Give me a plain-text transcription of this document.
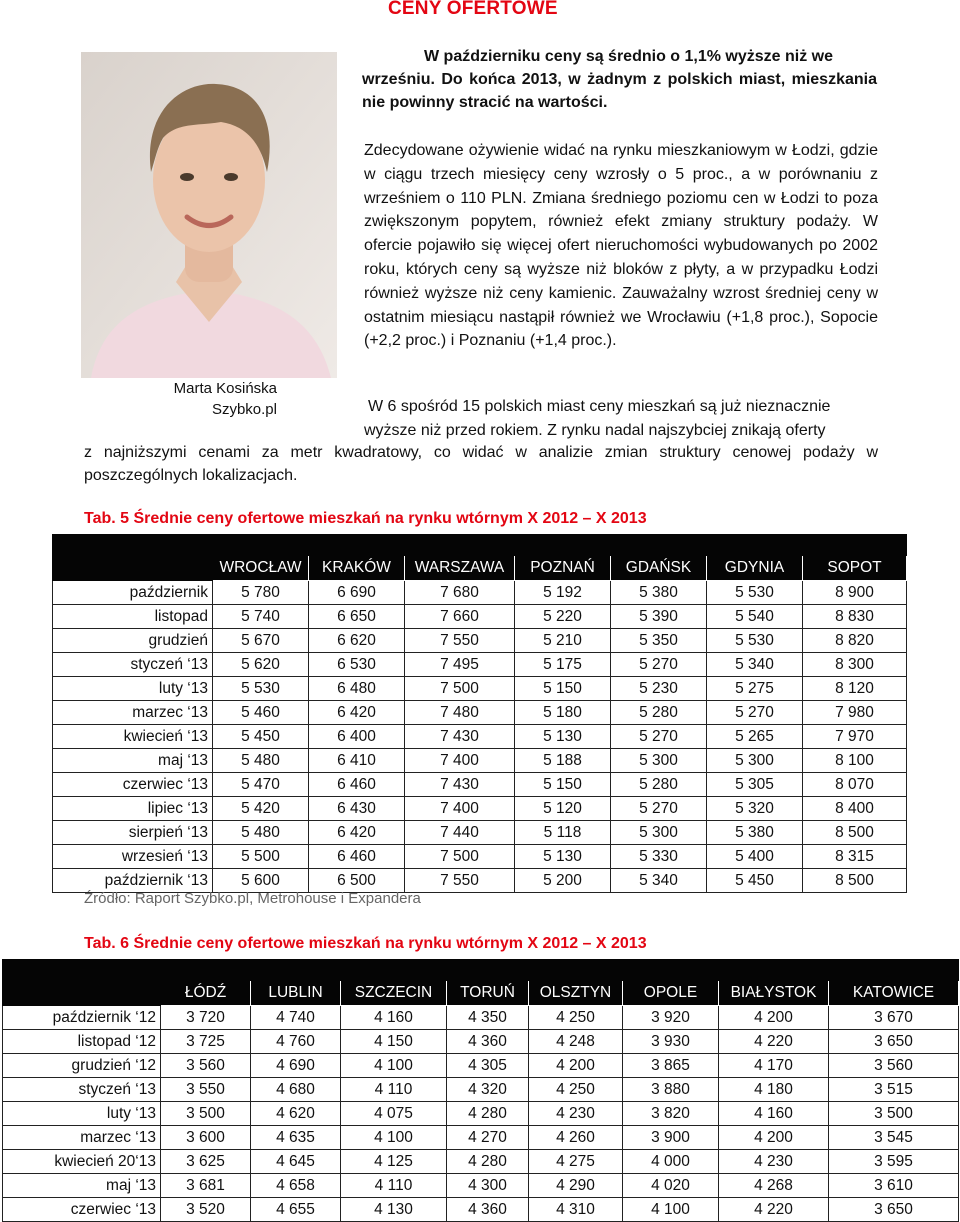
CENY OFERTOWE
W październiku ceny są średnio o 1,1% wyższe niż we
wrześniu. Do końca 2013, w żadnym z polskich miast, mieszkania nie powinny stracić na wartości.
Zdecydowane ożywienie widać na rynku mieszkaniowym w Łodzi, gdzie w ciągu trzech miesięcy ceny wzrosły o 5 proc., a w porównaniu z wrześniem o 110 PLN. Zmiana średniego poziomu cen w Łodzi to poza zwiększonym popytem, również efekt zmiany struktury podaży. W ofercie pojawiło się więcej ofert nieruchomości wybudowanych po 2002 roku, których ceny są wyższe niż bloków z płyty, a w przypadku Łodzi również wyższe niż ceny kamienic. Zauważalny wzrost średniej ceny w ostatnim miesiącu nastąpił również we Wrocławiu (+1,8 proc.), Sopocie (+2,2 proc.) i Poznaniu (+1,4 proc.).
Marta Kosińska
Szybko.pl	W 6 spośród 15 polskich miast ceny mieszkań są już nieznacznie
wyższe niż przed rokiem. Z rynku nadal najszybciej znikają oferty
z najniższymi cenami za metr kwadratowy, co widać w analizie zmian struktury cenowej podaży w poszczególnych lokalizacjach.
Tab. 5 Średnie ceny ofertowe mieszkań na rynku wtórnym X 2012 – X 2013

	WROCŁAW	KRAKÓW	WARSZAWA	POZNAŃ	GDAŃSK	GDYNIA	SOPOT
październik	5 780	6 690	7 680	5 192	5 380	5 530	8 900
listopad	5 740	6 650	7 660	5 220	5 390	5 540	8 830
grudzień	5 670	6 620	7 550	5 210	5 350	5 530	8 820
styczeń ‘13	5 620	6 530	7 495	5 175	5 270	5 340	8 300
luty ‘13	5 530	6 480	7 500	5 150	5 230	5 275	8 120
marzec ‘13	5 460	6 420	7 480	5 180	5 280	5 270	7 980
kwiecień ‘13	5 450	6 400	7 430	5 130	5 270	5 265	7 970
maj ‘13	5 480	6 410	7 400	5 188	5 300	5 300	8 100
czerwiec ‘13	5 470	6 460	7 430	5 150	5 280	5 305	8 070
lipiec ‘13	5 420	6 430	7 400	5 120	5 270	5 320	8 400
sierpień ‘13	5 480	6 420	7 440	5 118	5 300	5 380	8 500
wrzesień ‘13	5 500	6 460	7 500	5 130	5 330	5 400	8 315
październik ‘13	5 600	6 500	7 550	5 200	5 340	5 450	8 500
Źródło: Raport Szybko.pl, Metrohouse i Expandera
Tab. 6 Średnie ceny ofertowe mieszkań na rynku wtórnym X 2012 – X 2013

	ŁÓDŹ	LUBLIN	SZCZECIN	TORUŃ	OLSZTYN	OPOLE	BIAŁYSTOK	KATOWICE
październik ‘12	3 720	4 740	4 160	4 350	4 250	3 920	4 200	3 670
listopad ‘12	3 725	4 760	4 150	4 360	4 248	3 930	4 220	3 650
grudzień ‘12	3 560	4 690	4 100	4 305	4 200	3 865	4 170	3 560
styczeń ‘13	3 550	4 680	4 110	4 320	4 250	3 880	4 180	3 515
luty ‘13	3 500	4 620	4 075	4 280	4 230	3 820	4 160	3 500
marzec ‘13	3 600	4 635	4 100	4 270	4 260	3 900	4 200	3 545
kwiecień 20‘13	3 625	4 645	4 125	4 280	4 275	4 000	4 230	3 595
maj ‘13	3 681	4 658	4 110	4 300	4 290	4 020	4 268	3 610
czerwiec ‘13	3 520	4 655	4 130	4 360	4 310	4 100	4 220	3 650
